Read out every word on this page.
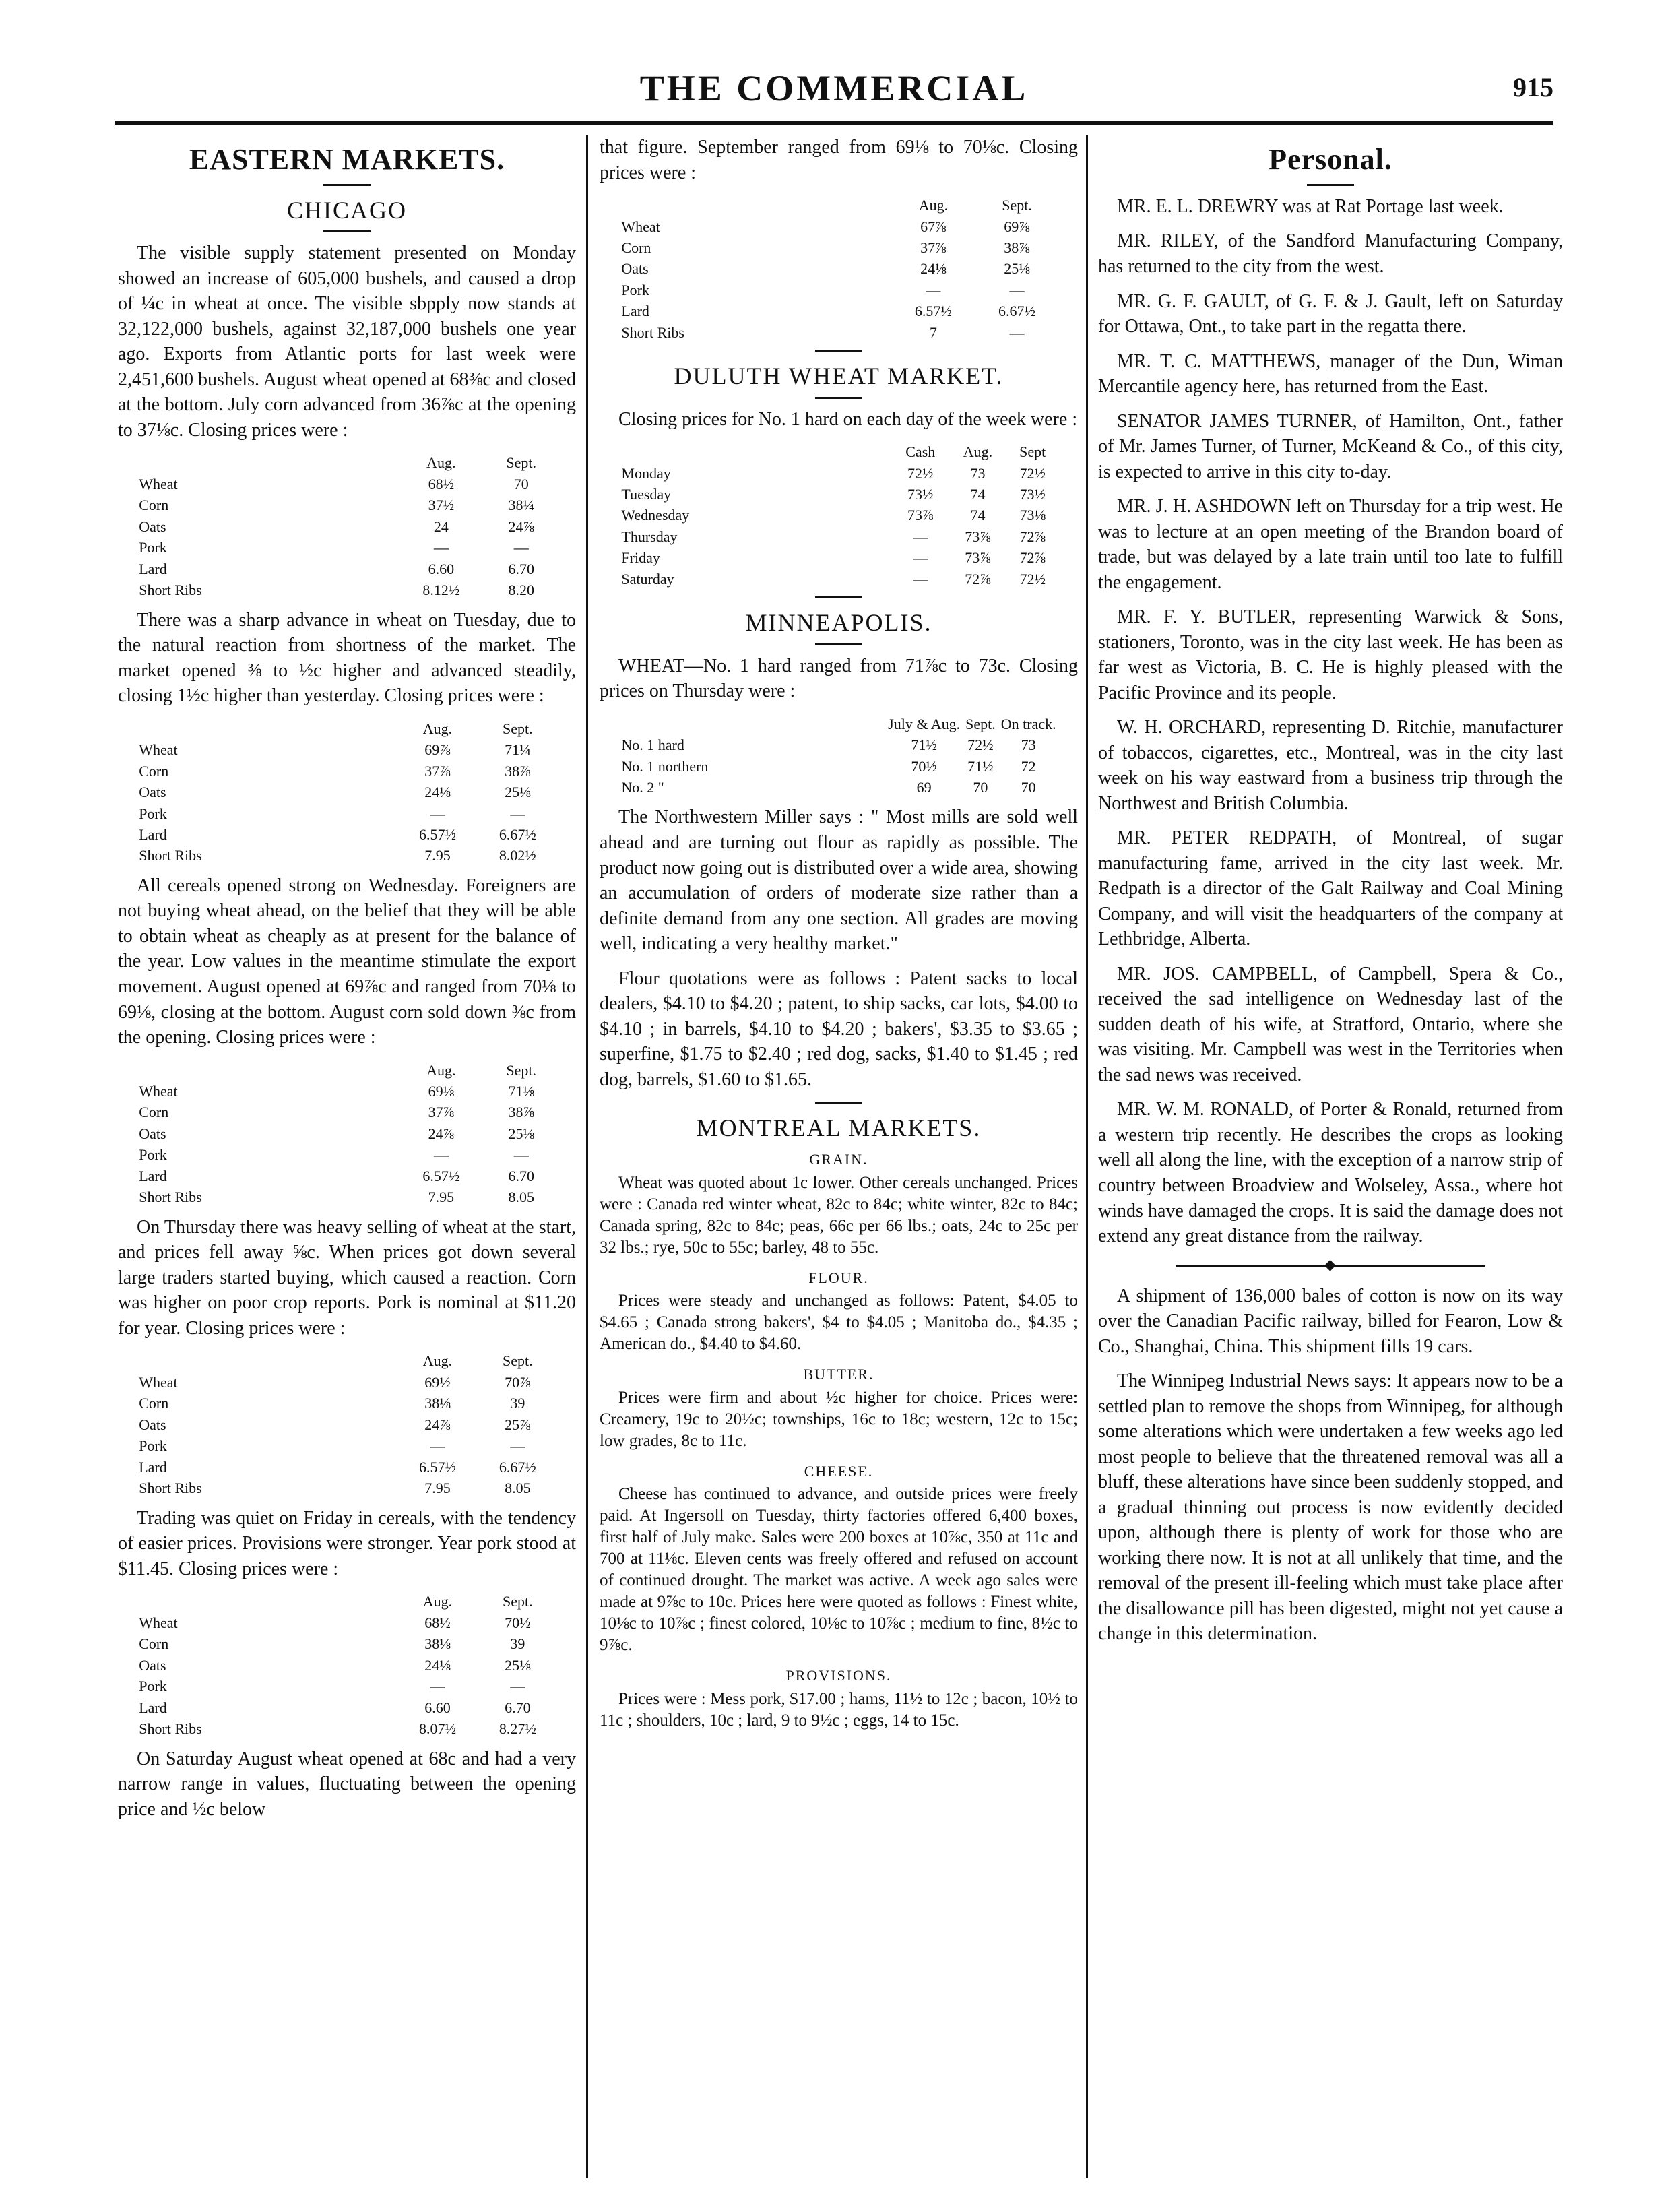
THE COMMERCIAL	915
EASTERN MARKETS.
CHICAGO

The visible supply statement presented on Monday showed an increase of 605,000 bushels, and caused a drop of ¼c in wheat at once. The visible sbpply now stands at 32,122,000 bushels, against 32,187,000 bushels one year ago. Exports from Atlantic ports for last week were 2,451,600 bushels. August wheat opened at 68⅜c and closed at the bottom. July corn advanced from 36⅞c at the opening to 37⅛c. Closing prices were :

	Aug.	Sept.
Wheat	68½	70
Corn	37½	38¼
Oats	24	24⅞
Pork	—	—
Lard	6.60	6.70
Short Ribs	8.12½	8.20

There was a sharp advance in wheat on Tuesday, due to the natural reaction from shortness of the market. The market opened ⅜ to ½c higher and advanced steadily, closing 1½c higher than yesterday. Closing prices were :

	Aug.	Sept.
Wheat	69⅞	71¼
Corn	37⅞	38⅞
Oats	24⅛	25⅛
Pork	—	—
Lard	6.57½	6.67½
Short Ribs	7.95	8.02½

All cereals opened strong on Wednesday. Foreigners are not buying wheat ahead, on the belief that they will be able to obtain wheat as cheaply as at present for the balance of the year. Low values in the meantime stimulate the export movement. August opened at 69⅞c and ranged from 70⅛ to 69⅛, closing at the bottom. August corn sold down ⅜c from the opening. Closing prices were :

	Aug.	Sept.
Wheat	69⅛	71⅛
Corn	37⅞	38⅞
Oats	24⅞	25⅛
Pork	—	—
Lard	6.57½	6.70
Short Ribs	7.95	8.05

On Thursday there was heavy selling of wheat at the start, and prices fell away ⅝c. When prices got down several large traders started buying, which caused a reaction. Corn was higher on poor crop reports. Pork is nominal at $11.20 for year. Closing prices were :

	Aug.	Sept.
Wheat	69½	70⅞
Corn	38⅛	39
Oats	24⅞	25⅞
Pork	—	—
Lard	6.57½	6.67½
Short Ribs	7.95	8.05

Trading was quiet on Friday in cereals, with the tendency of easier prices. Provisions were stronger. Year pork stood at $11.45. Closing prices were :

	Aug.	Sept.
Wheat	68½	70½
Corn	38⅛	39
Oats	24⅛	25⅛
Pork	—	—
Lard	6.60	6.70
Short Ribs	8.07½	8.27½

On Saturday August wheat opened at 68c and had a very narrow range in values, fluctuating between the opening price and ½c below

that figure. September ranged from 69⅛ to 70⅛c. Closing prices were :

	Aug.	Sept.
Wheat	67⅞	69⅞
Corn	37⅞	38⅞
Oats	24⅛	25⅛
Pork	—	—
Lard	6.57½	6.67½
Short Ribs	7	—
DULUTH WHEAT MARKET.

Closing prices for No. 1 hard on each day of the week were :

	Cash	Aug.	Sept
Monday	72½	73	72½
Tuesday	73½	74	73½
Wednesday	73⅞	74	73⅛
Thursday	—	73⅞	72⅞
Friday	—	73⅞	72⅞
Saturday	—	72⅞	72½
MINNEAPOLIS.

WHEAT—No. 1 hard ranged from 71⅞c to 73c. Closing prices on Thursday were :

	July & Aug.	Sept.	On track.
No. 1 hard	71½	72½	73
No. 1 northern	70½	71½	72
No. 2 "	69	70	70

The Northwestern Miller says : " Most mills are sold well ahead and are turning out flour as rapidly as possible. The product now going out is distributed over a wide area, showing an accumulation of orders of moderate size rather than a definite demand from any one section. All grades are moving well, indicating a very healthy market."

Flour quotations were as follows : Patent sacks to local dealers, $4.10 to $4.20 ; patent, to ship sacks, car lots, $4.00 to $4.10 ; in barrels, $4.10 to $4.20 ; bakers', $3.35 to $3.65 ; superfine, $1.75 to $2.40 ; red dog, sacks, $1.40 to $1.45 ; red dog, barrels, $1.60 to $1.65.

MONTREAL MARKETS.
GRAIN.

Wheat was quoted about 1c lower. Other cereals unchanged. Prices were : Canada red winter wheat, 82c to 84c; white winter, 82c to 84c; Canada spring, 82c to 84c; peas, 66c per 66 lbs.; oats, 24c to 25c per 32 lbs.; rye, 50c to 55c; barley, 48 to 55c.

FLOUR.

Prices were steady and unchanged as follows: Patent, $4.05 to $4.65 ; Canada strong bakers', $4 to $4.05 ; Manitoba do., $4.35 ; American do., $4.40 to $4.60.

BUTTER.

Prices were firm and about ½c higher for choice. Prices were: Creamery, 19c to 20½c; townships, 16c to 18c; western, 12c to 15c; low grades, 8c to 11c.

CHEESE.

Cheese has continued to advance, and outside prices were freely paid. At Ingersoll on Tuesday, thirty factories offered 6,400 boxes, first half of July make. Sales were 200 boxes at 10⅞c, 350 at 11c and 700 at 11⅛c. Eleven cents was freely offered and refused on account of continued drought. The market was active. A week ago sales were made at 9⅞c to 10c. Prices here were quoted as follows : Finest white, 10⅛c to 10⅞c ; finest colored, 10⅛c to 10⅞c ; medium to fine, 8½c to 9⅞c.

PROVISIONS.

Prices were : Mess pork, $17.00 ; hams, 11½ to 12c ; bacon, 10½ to 11c ; shoulders, 10c ; lard, 9 to 9½c ; eggs, 14 to 15c.

Personal.

MR. E. L. DREWRY was at Rat Portage last week.

MR. RILEY, of the Sandford Manufacturing Company, has returned to the city from the west.

MR. G. F. GAULT, of G. F. & J. Gault, left on Saturday for Ottawa, Ont., to take part in the regatta there.

MR. T. C. MATTHEWS, manager of the Dun, Wiman Mercantile agency here, has returned from the East.

SENATOR JAMES TURNER, of Hamilton, Ont., father of Mr. James Turner, of Turner, McKeand & Co., of this city, is expected to arrive in this city to-day.

MR. J. H. ASHDOWN left on Thursday for a trip west. He was to lecture at an open meeting of the Brandon board of trade, but was delayed by a late train until too late to fulfill the engagement.

MR. F. Y. BUTLER, representing Warwick & Sons, stationers, Toronto, was in the city last week. He has been as far west as Victoria, B. C. He is highly pleased with the Pacific Province and its people.

W. H. ORCHARD, representing D. Ritchie, manufacturer of tobaccos, cigarettes, etc., Montreal, was in the city last week on his way eastward from a business trip through the Northwest and British Columbia.

MR. PETER REDPATH, of Montreal, of sugar manufacturing fame, arrived in the city last week. Mr. Redpath is a director of the Galt Railway and Coal Mining Company, and will visit the headquarters of the company at Lethbridge, Alberta.

MR. JOS. CAMPBELL, of Campbell, Spera & Co., received the sad intelligence on Wednesday last of the sudden death of his wife, at Stratford, Ontario, where she was visiting. Mr. Campbell was west in the Territories when the sad news was received.

MR. W. M. RONALD, of Porter & Ronald, returned from a western trip recently. He describes the crops as looking well all along the line, with the exception of a narrow strip of country between Broadview and Wolseley, Assa., where hot winds have damaged the crops. It is said the damage does not extend any great distance from the railway.

◆

A shipment of 136,000 bales of cotton is now on its way over the Canadian Pacific railway, billed for Fearon, Low & Co., Shanghai, China. This shipment fills 19 cars.

The Winnipeg Industrial News says: It appears now to be a settled plan to remove the shops from Winnipeg, for although some alterations which were undertaken a few weeks ago led most people to believe that the threatened removal was all a bluff, these alterations have since been suddenly stopped, and a gradual thinning out process is now evidently decided upon, although there is plenty of work for those who are working there now. It is not at all unlikely that time, and the removal of the present ill-feeling which must take place after the disallowance pill has been digested, might not yet cause a change in this determination.
